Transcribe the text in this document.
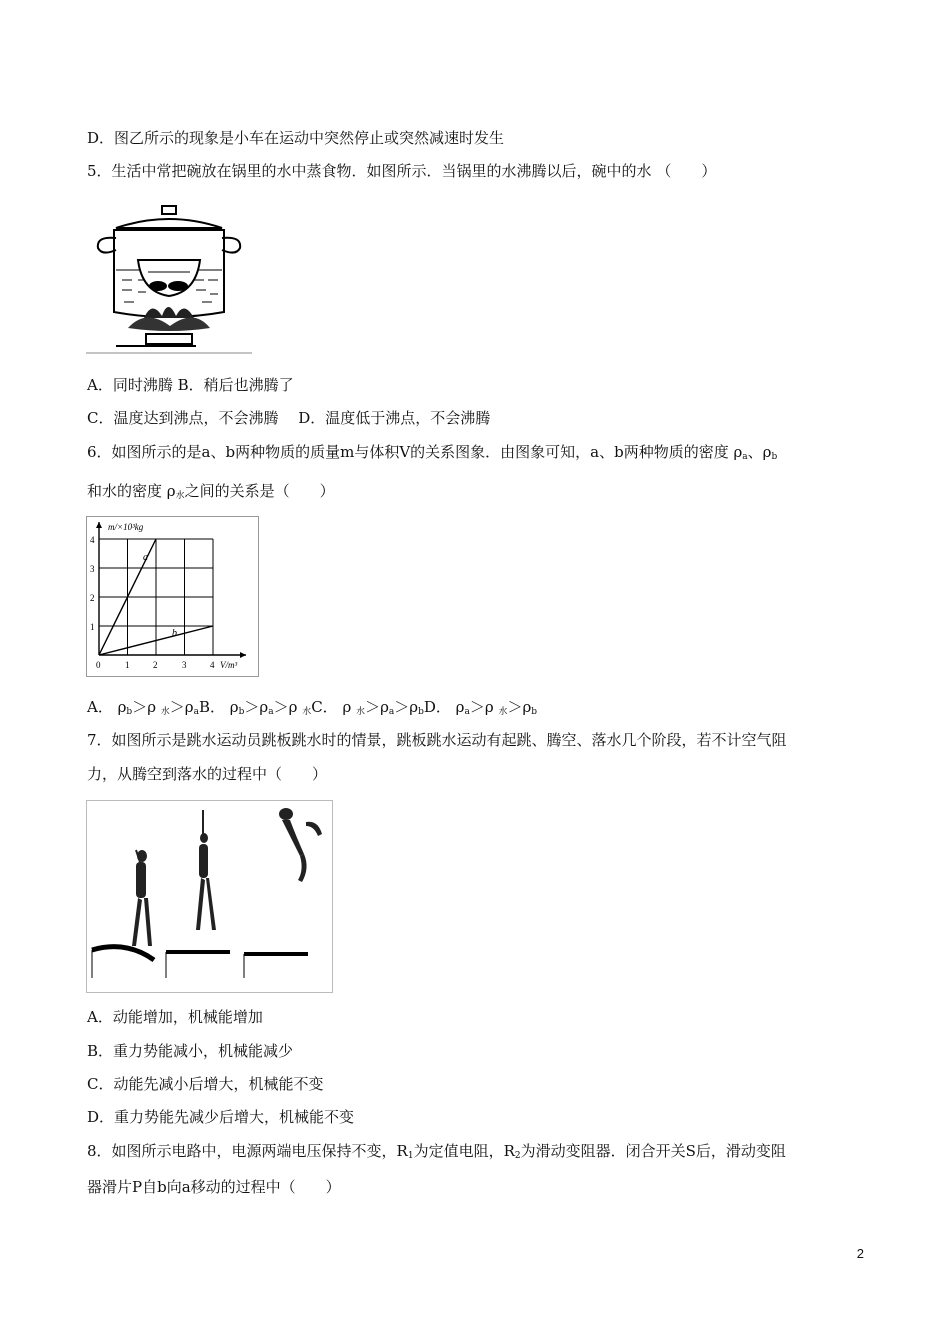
D．图乙所示的现象是小车在运动中突然停止或突然减速时发生
5．生活中常把碗放在锅里的水中蒸食物．如图所示．当锅里的水沸腾以后，碗中的水 （　　）
A．同时沸腾 B．稍后也沸腾了
C．温度达到沸点，不会沸腾　 D．温度低于沸点，不会沸腾
6．如图所示的是a、b两种物质的质量m与体积V的关系图象．由图象可知，a、b两种物质的密度 $\rho_a$、$\rho_b$
和水的密度 $\rho_水$之间的关系是（　　）
a
b
m/×10³kg
V/m³
1
2
3
4
0	1	2	3	4
A． $\rho_b>\rho$ $_水>\rho_aB$． $\rho_b>\rho_a>\rho$ $_水$C． ρ $_水>\rho_a>\rho_bD$． $\rho_a>\rho$ $_水>\rho_b$
7．如图所示是跳水运动员跳板跳水时的情景，跳板跳水运动有起跳、腾空、落水几个阶段，若不计空气阻
力，从腾空到落水的过程中（　　）
A．动能增加，机械能增加
B．重力势能减小，机械能减少
C．动能先减小后增大，机械能不变
D．重力势能先减少后增大，机械能不变
8．如图所示电路中，电源两端电压保持不变，$R_1$为定值电阻，$R_2$为滑动变阻器．闭合开关S后，滑动变阻
器滑片P自b向a移动的过程中（　　）
2
